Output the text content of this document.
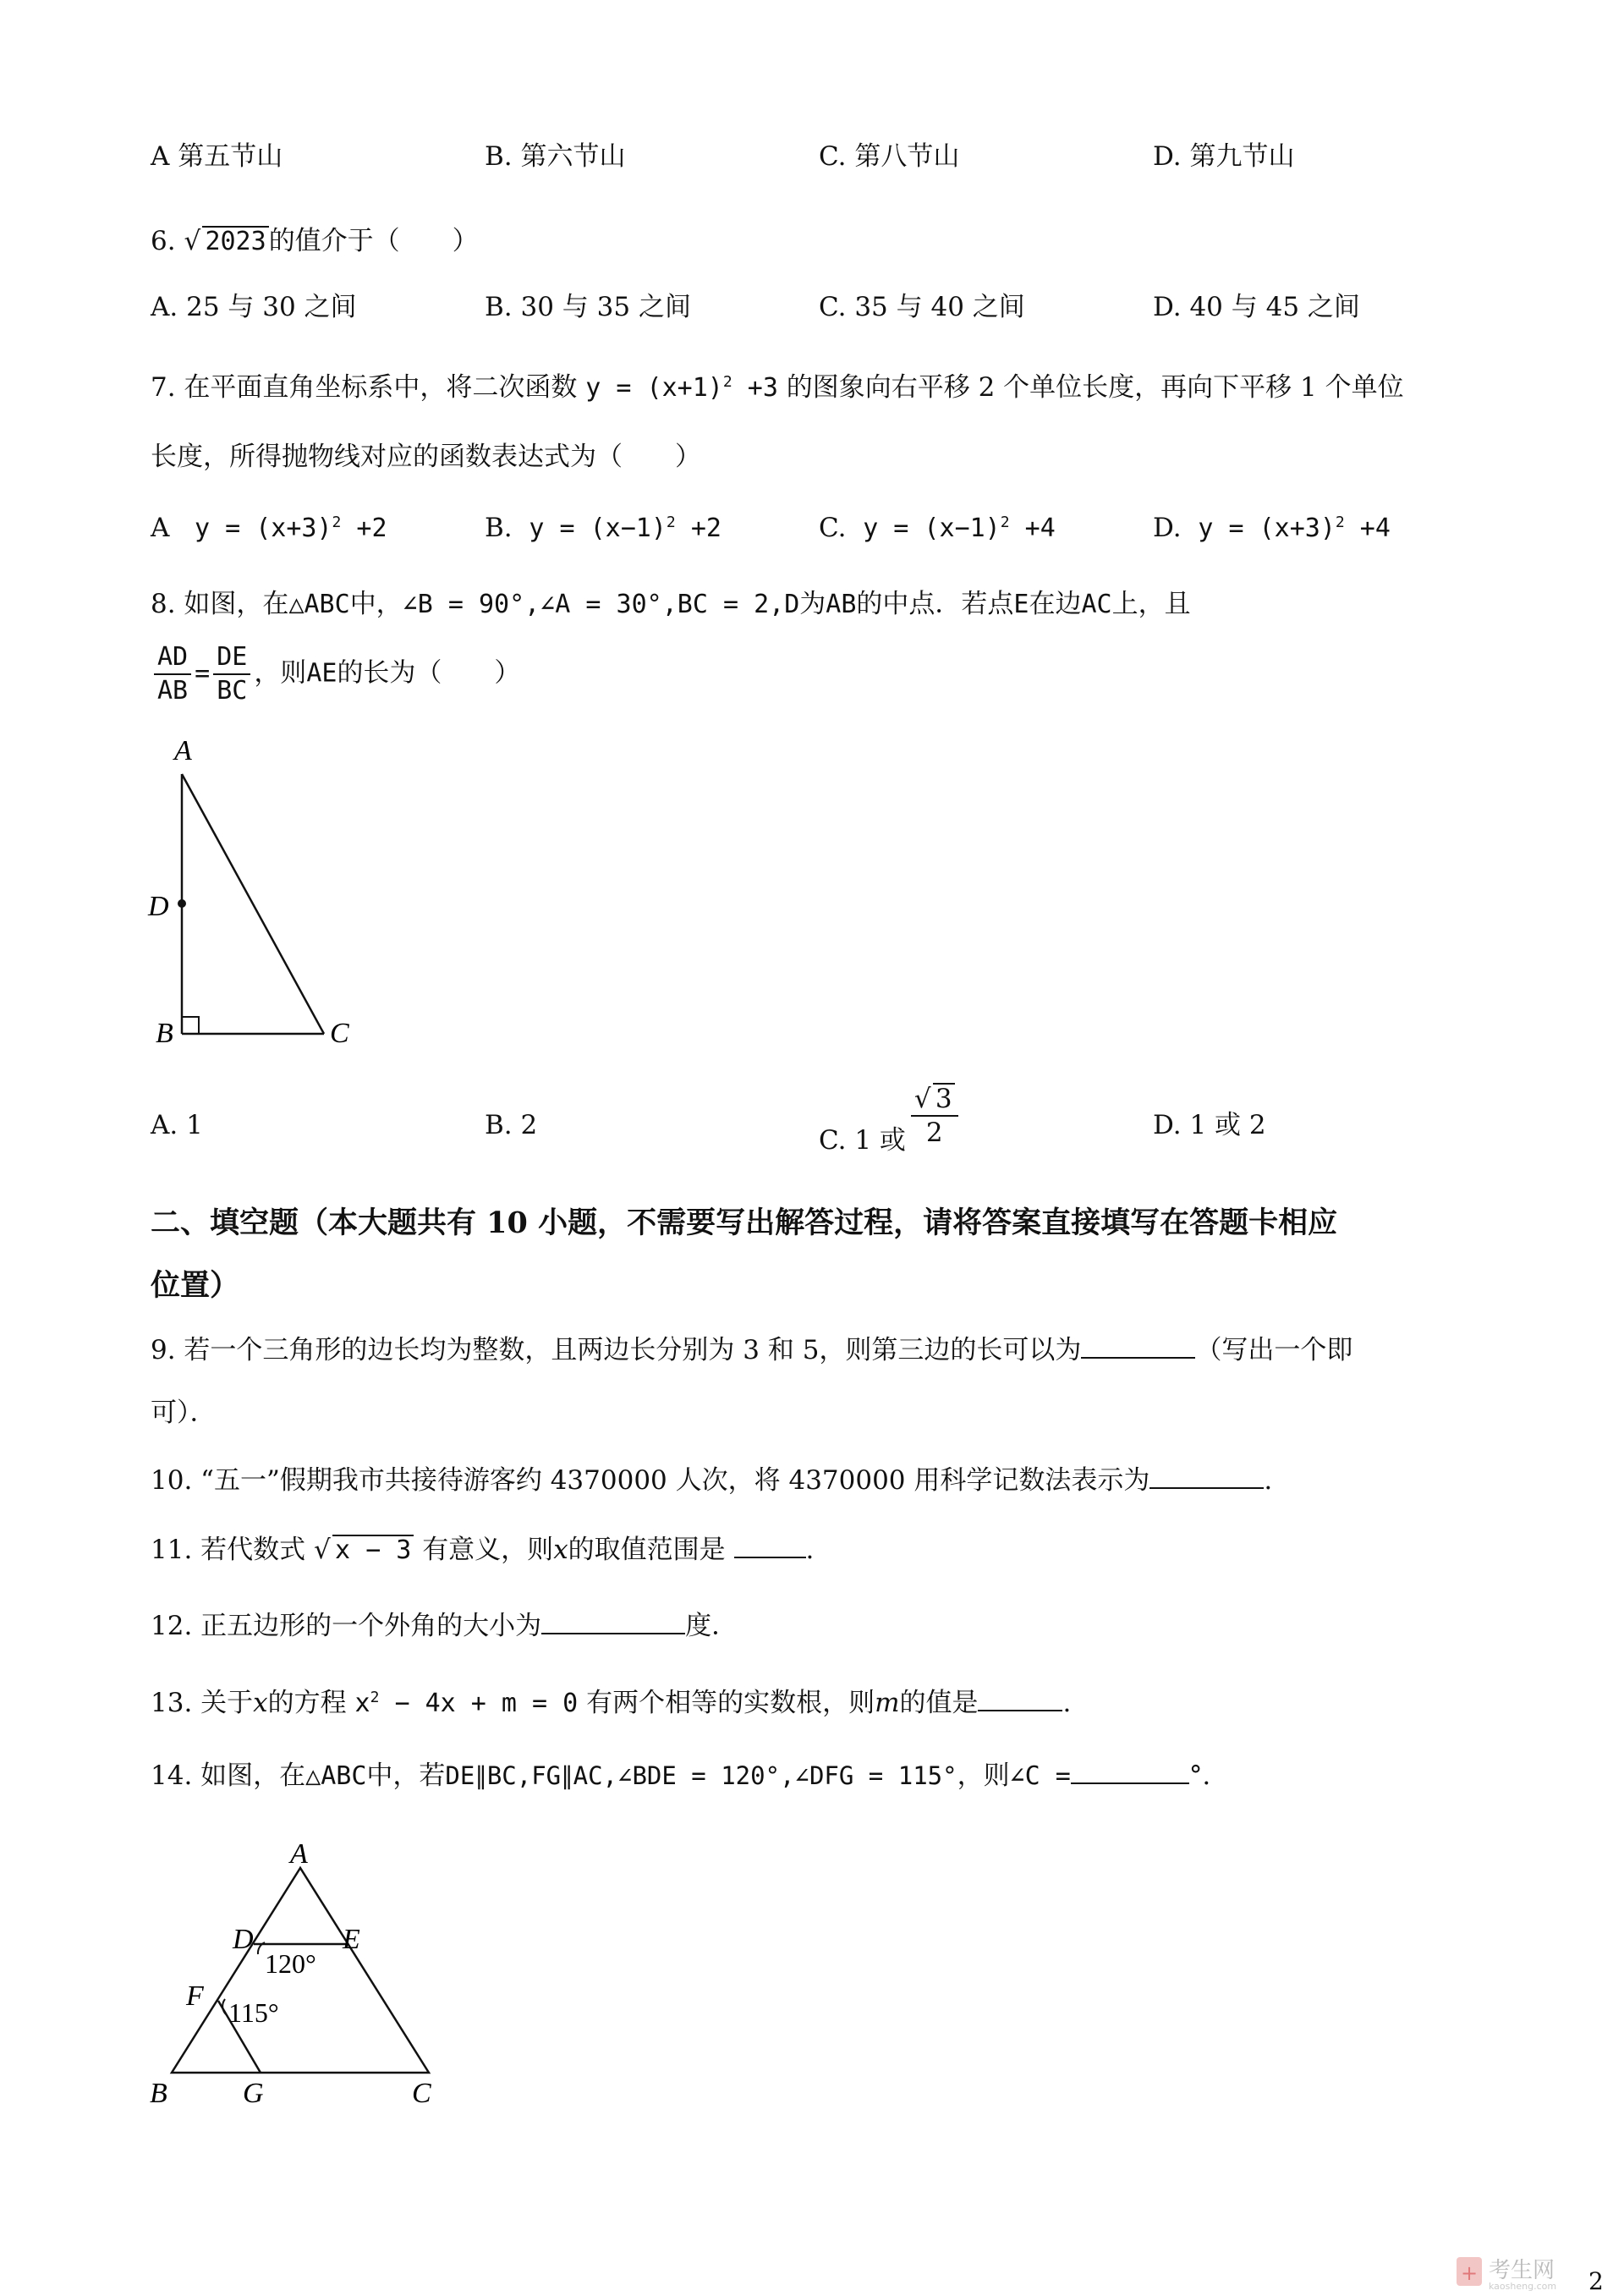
A 第五节山	B. 第六节山	C. 第八节山	D. 第九节山
6. √ 2023的值介于（　　）
A. 25 与 30 之间	B. 30 与 35 之间	C. 35 与 40 之间	D. 40 与 45 之间
7. 在平面直角坐标系中，将二次函数 $y = (x+1)^2 +3$ 的图象向右平移 2 个单位长度，再向下平移 1 个单位
长度，所得抛物线对应的函数表达式为（　　）
A $y = (x+3)^2 +2$	B. $y = (x-1)^2 +2$	C. $y = (x-1)^2 +4$	D. $y = (x+3)^2 +4$
8. 如图，在△ABC中，∠B = 90°,∠A = 30°,BC = 2,D为AB的中点．若点E在边AC上，且
$\frac{AD}{AB} = \frac{DE}{BC}$ ，则AE的长为（　　）
A
D
B	C
A. 1	B. 2	C. 1 或 $\frac{√ 3}{2}$	D. 1 或 2
二、填空题（本大题共有 10 小题，不需要写出解答过程，请将答案直接填写在答题卡相应
位置）
9. 若一个三角形的边长均为整数，且两边长分别为 3 和 5，则第三边的长可以为	（写出一个即
可）．
10. “五一”假期我市共接待游客约 4370000 人次，将 4370000 用科学记数法表示为	.
11. 若代数式 √ x − 3 有意义，则x的取值范围是	.
12. 正五边形的一个外角的大小为	度．
13. 关于x的方程 $x^2 - 4x + m = 0$ 有两个相等的实数根，则m的值是	.
14. 如图，在△ABC中，若DE∥BC,FG∥AC,∠BDE = 120°,∠DFG = 115°，则∠C =	°.
A
D	E
F
B	G	C
120°
115°
2
+ 考生网
kaosheng.com
